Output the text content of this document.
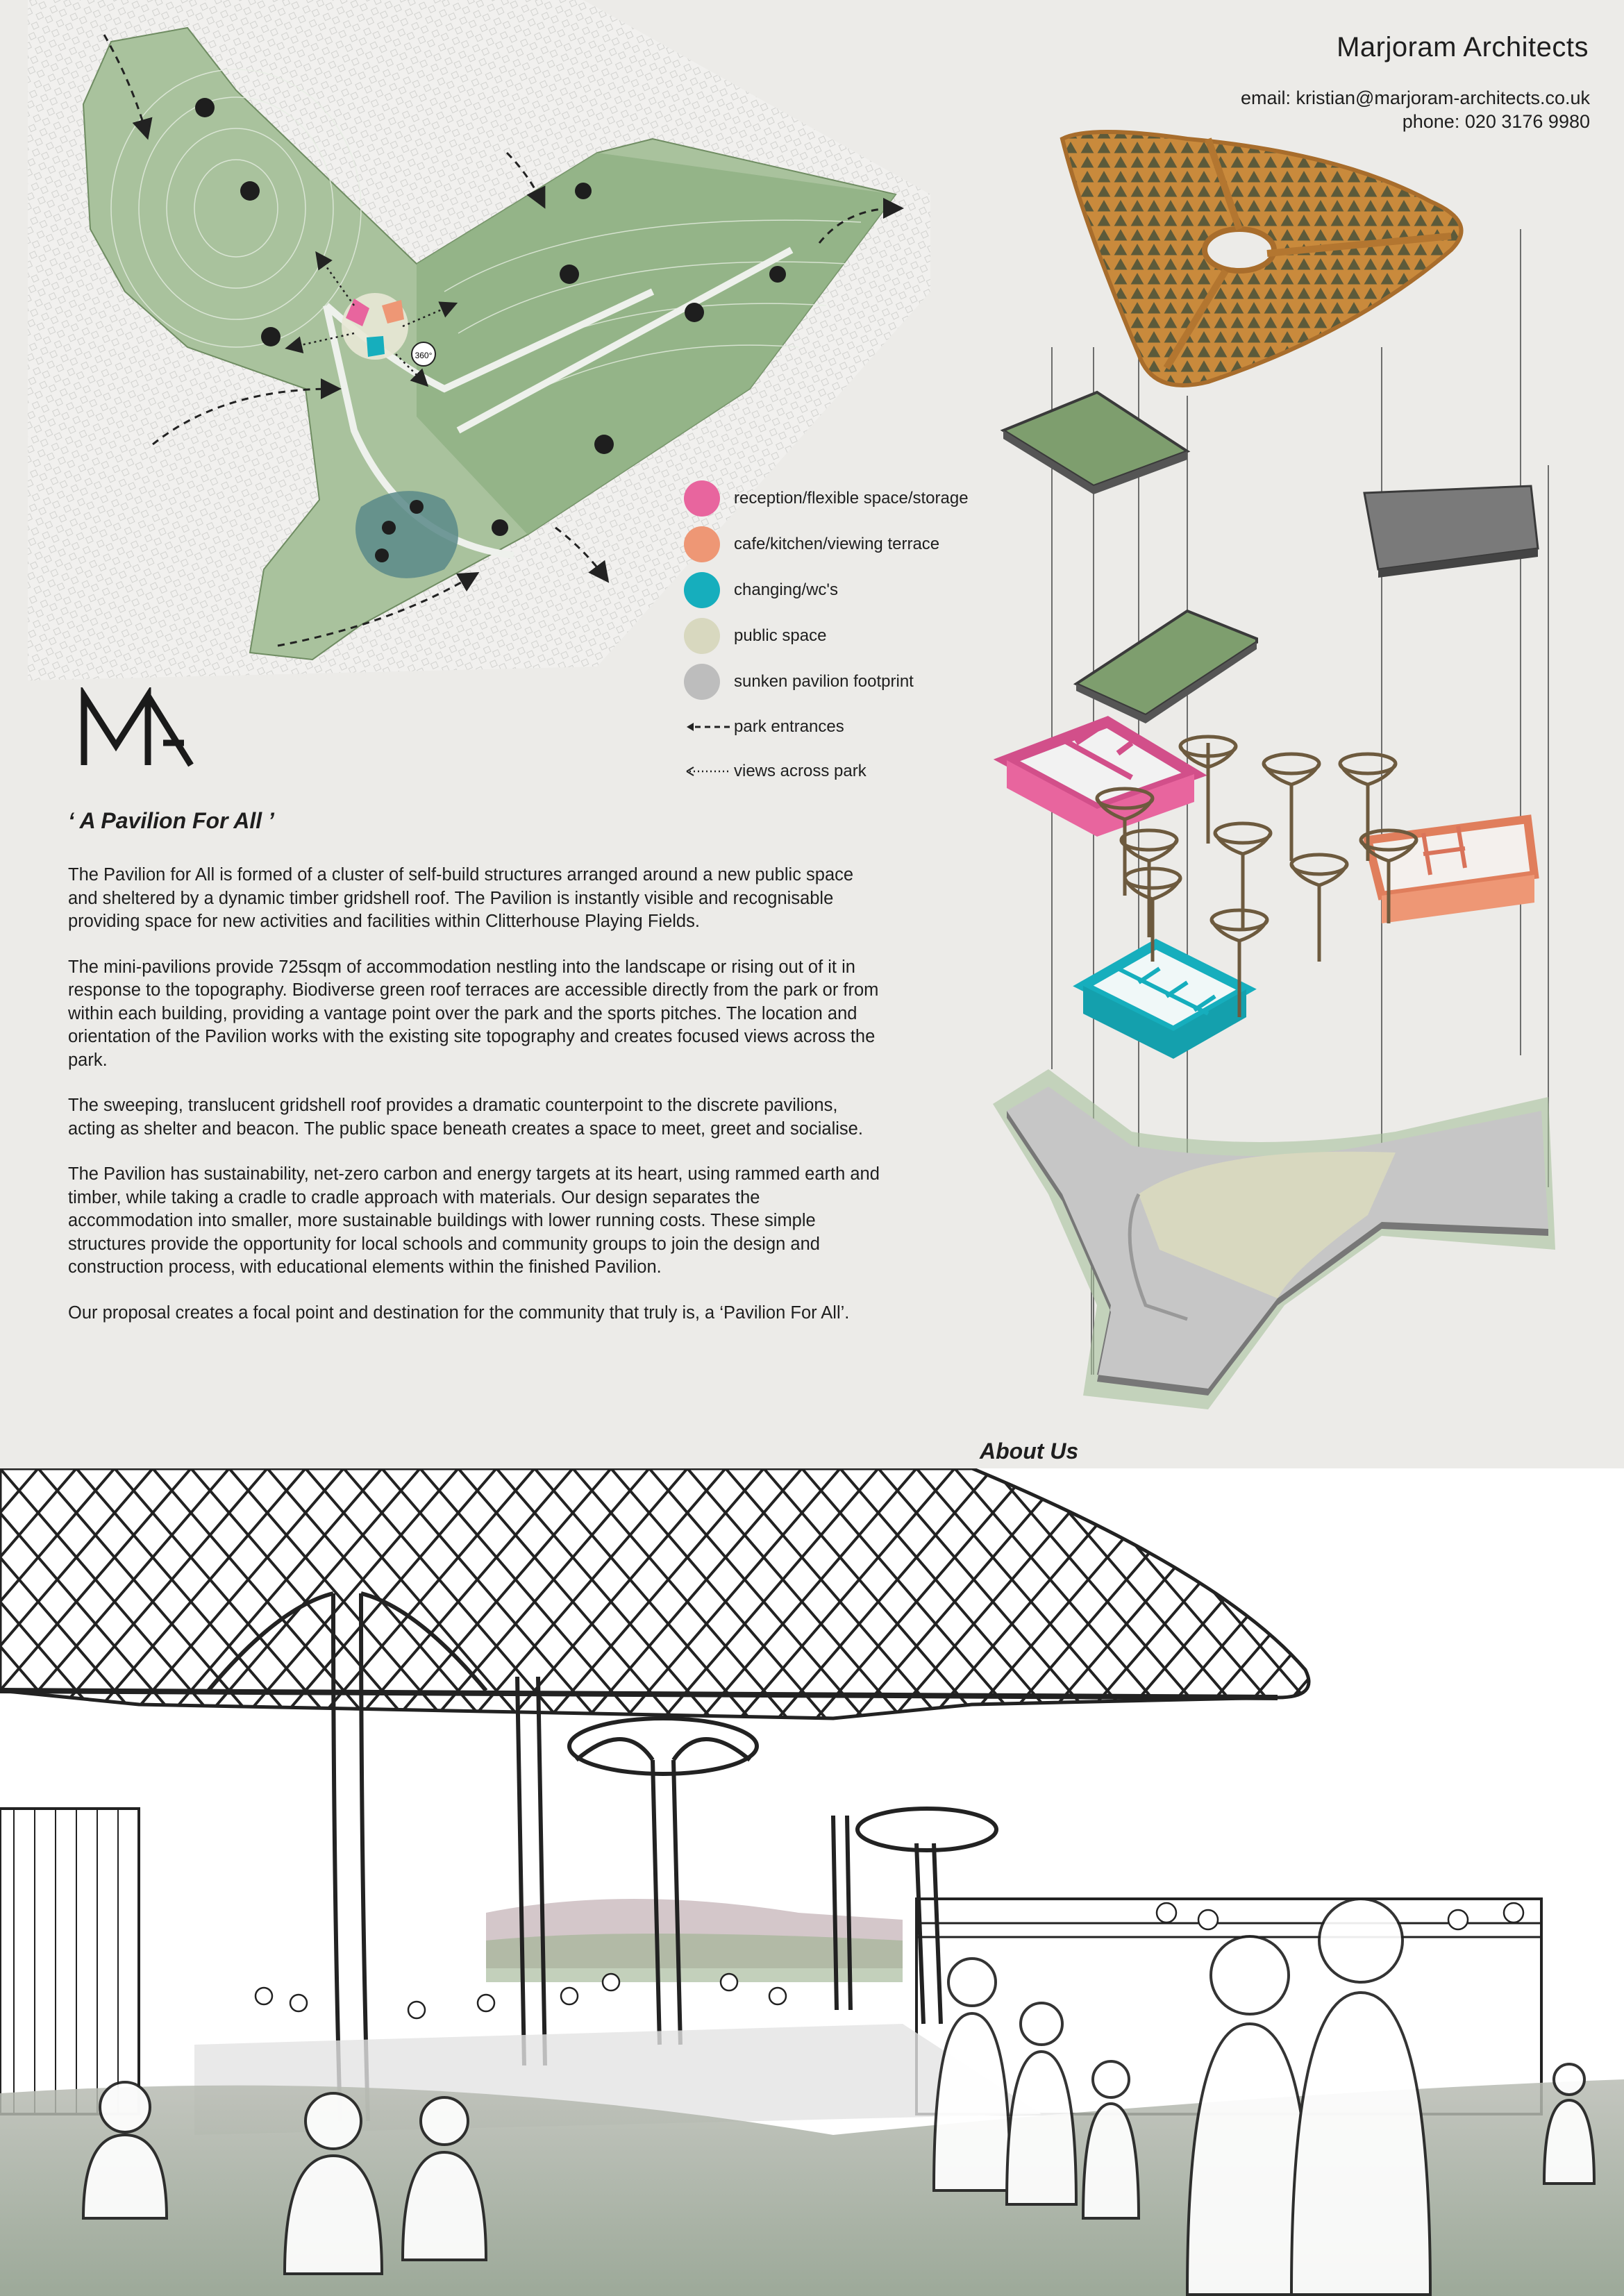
360°
Marjoram Architects
email: kristian@marjoram-architects.co.uk
phone: 020 3176 9980
reception/flexible space/storage
cafe/kitchen/viewing terrace
changing/wc's
public space
sunken pavilion footprint
park entrances
views across park
‘ A Pavilion For All ’

The Pavilion for All is formed of a cluster of self-build structures arranged around a new public space and sheltered by a dynamic timber gridshell roof. The Pavilion is instantly visible and recognisable providing space for new activities and facilities within Clitterhouse Playing Fields.

The mini-pavilions provide 725sqm of accommodation nestling into the landscape or rising out of it in response to the topography. Biodiverse green roof terraces are accessible directly from the park or from within each building, providing a vantage point over the park and the sports pitches. The location and orientation of the Pavilion works with the existing site topography and creates focused views across the park.

The sweeping, translucent gridshell roof provides a dramatic counterpoint to the discrete pavilions, acting as shelter and beacon. The public space beneath creates a space to meet, greet and socialise.

The Pavilion has sustainability, net-zero carbon and energy targets at its heart, using rammed earth and timber, while taking a cradle to cradle approach with materials. Our design separates the accommodation into smaller, more sustainable buildings with lower running costs. These simple structures provide the opportunity for local schools and community groups to join the design and construction process, with educational elements within the finished Pavilion.

Our proposal creates a focal point and destination for the community that truly is, a ‘Pavilion For All’.

About Us
